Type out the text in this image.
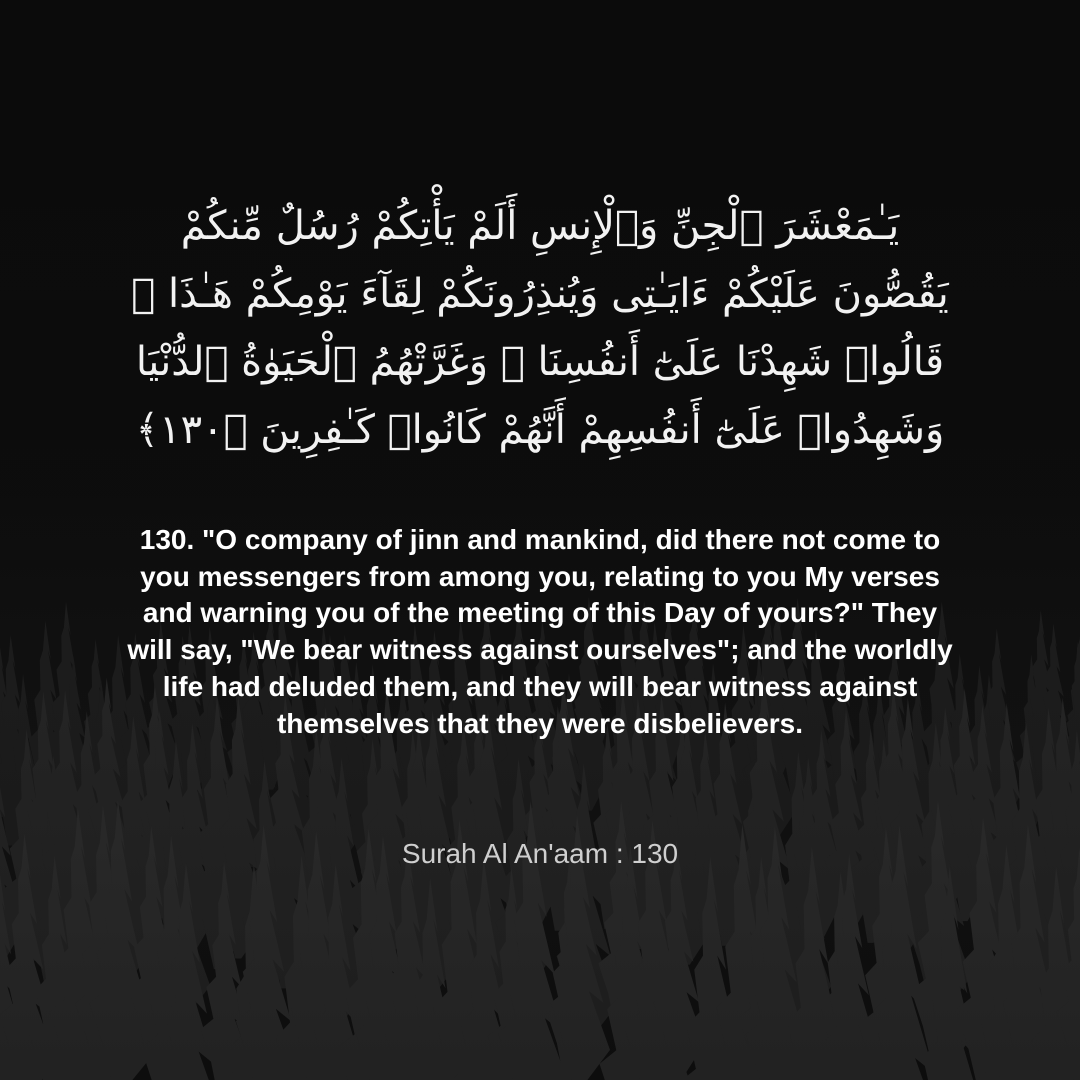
يَـٰمَعْشَرَ ٱلْجِنِّ وَٱلْإِنسِ أَلَمْ يَأْتِكُمْ رُسُلٌ مِّنكُمْ يَقُصُّونَ عَلَيْكُمْ ءَايَـٰتِى وَيُنذِرُونَكُمْ لِقَآءَ يَوْمِكُمْ هَـٰذَا ۚ قَالُوا۟ شَهِدْنَا عَلَىٰٓ أَنفُسِنَا ۖ وَغَرَّتْهُمُ ٱلْحَيَوٰةُ ٱلدُّنْيَا وَشَهِدُوا۟ عَلَىٰٓ أَنفُسِهِمْ أَنَّهُمْ كَانُوا۟ كَـٰفِرِينَ ﴿١٣٠﴾
130. "O company of jinn and mankind, did there not come to you messengers from among you, relating to you My verses and warning you of the meeting of this Day of yours?" They will say, "We bear witness against ourselves"; and the worldly life had deluded them, and they will bear witness against themselves that they were disbelievers.
Surah Al An'aam : 130
